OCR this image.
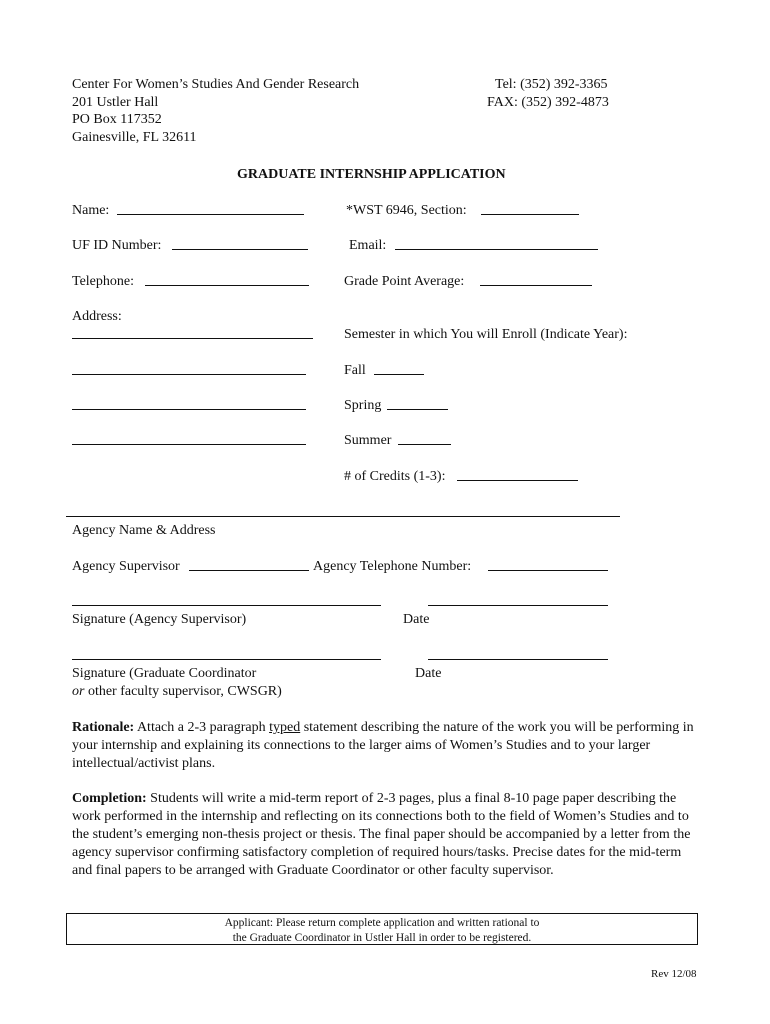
Center For Women’s Studies And Gender Research
201 Ustler Hall
PO Box 117352
Gainesville, FL 32611
Tel: (352) 392-3365
FAX: (352) 392-4873
GRADUATE INTERNSHIP APPLICATION
Name:	*WST 6946, Section:
UF ID Number:	Email:
Telephone:	Grade Point Average:
Address:
Semester in which You will Enroll (Indicate Year):
Fall
Spring
Summer
# of Credits (1-3):
Agency Name & Address
Agency Supervisor	Agency Telephone Number:
Signature (Agency Supervisor)	Date
Signature (Graduate Coordinator
or other faculty supervisor, CWSGR)
Date
Rationale: Attach a 2-3 paragraph typed statement describing the nature of the work you will be performing in your internship and explaining its connections to the larger aims of Women’s Studies and to your larger intellectual/activist plans.
Completion: Students will write a mid-term report of 2-3 pages, plus a final 8-10 page paper describing the work performed in the internship and reflecting on its connections both to the field of Women’s Studies and to the student’s emerging non-thesis project or thesis. The final paper should be accompanied by a letter from the agency supervisor confirming satisfactory completion of required hours/tasks. Precise dates for the mid-term and final papers to be arranged with Graduate Coordinator or other faculty supervisor.
Applicant: Please return complete application and written rational to
the Graduate Coordinator in Ustler Hall in order to be registered.
Rev 12/08
